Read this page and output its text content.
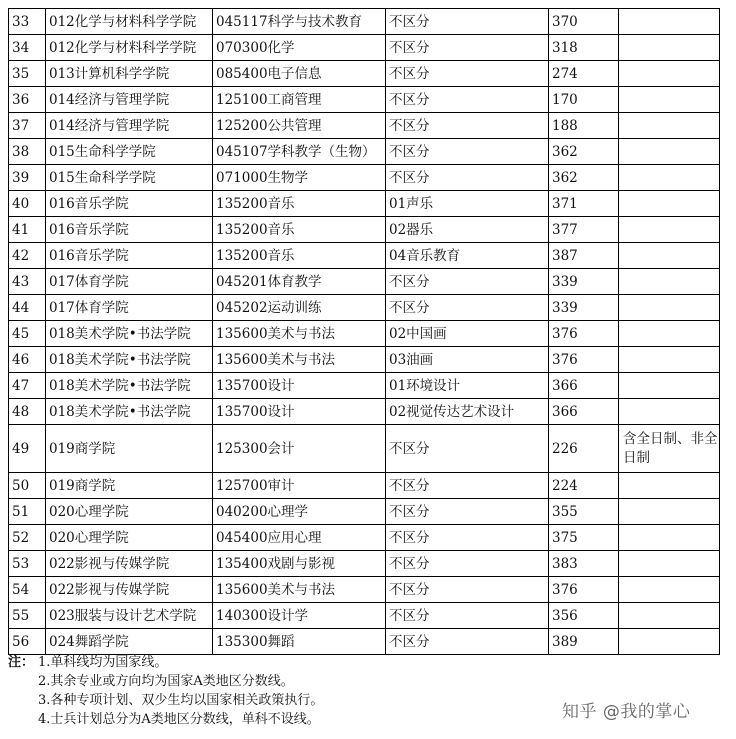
33	012化学与材料科学学院	045117科学与技术教育	不区分	370	
34	012化学与材料科学学院	070300化学	不区分	318	
35	013计算机科学学院	085400电子信息	不区分	274	
36	014经济与管理学院	125100工商管理	不区分	170	
37	014经济与管理学院	125200公共管理	不区分	188	
38	015生命科学学院	045107学科教学（生物）	不区分	362	
39	015生命科学学院	071000生物学	不区分	362	
40	016音乐学院	135200音乐	01声乐	371	
41	016音乐学院	135200音乐	02器乐	377	
42	016音乐学院	135200音乐	04音乐教育	387	
43	017体育学院	045201体育教学	不区分	339	
44	017体育学院	045202运动训练	不区分	339	
45	018美术学院•书法学院	135600美术与书法	02中国画	376	
46	018美术学院•书法学院	135600美术与书法	03油画	376	
47	018美术学院•书法学院	135700设计	01环境设计	366	
48	018美术学院•书法学院	135700设计	02视觉传达艺术设计	366	
49	019商学院	125300会计	不区分	226	含全日制、非全日制
50	019商学院	125700审计	不区分	224	
51	020心理学院	040200心理学	不区分	355	
52	020心理学院	045400应用心理	不区分	375	
53	022影视与传媒学院	135400戏剧与影视	不区分	383	
54	022影视与传媒学院	135600美术与书法	不区分	376	
55	023服装与设计艺术学院	140300设计学	不区分	356	
56	024舞蹈学院	135300舞蹈	不区分	389	
注： 1.单科线均为国家线。
2.其余专业或方向均为国家A类地区分数线。
3.各种专项计划、双少生均以国家相关政策执行。
4.士兵计划总分为A类地区分数线，单科不设线。	知乎 @我的掌心
